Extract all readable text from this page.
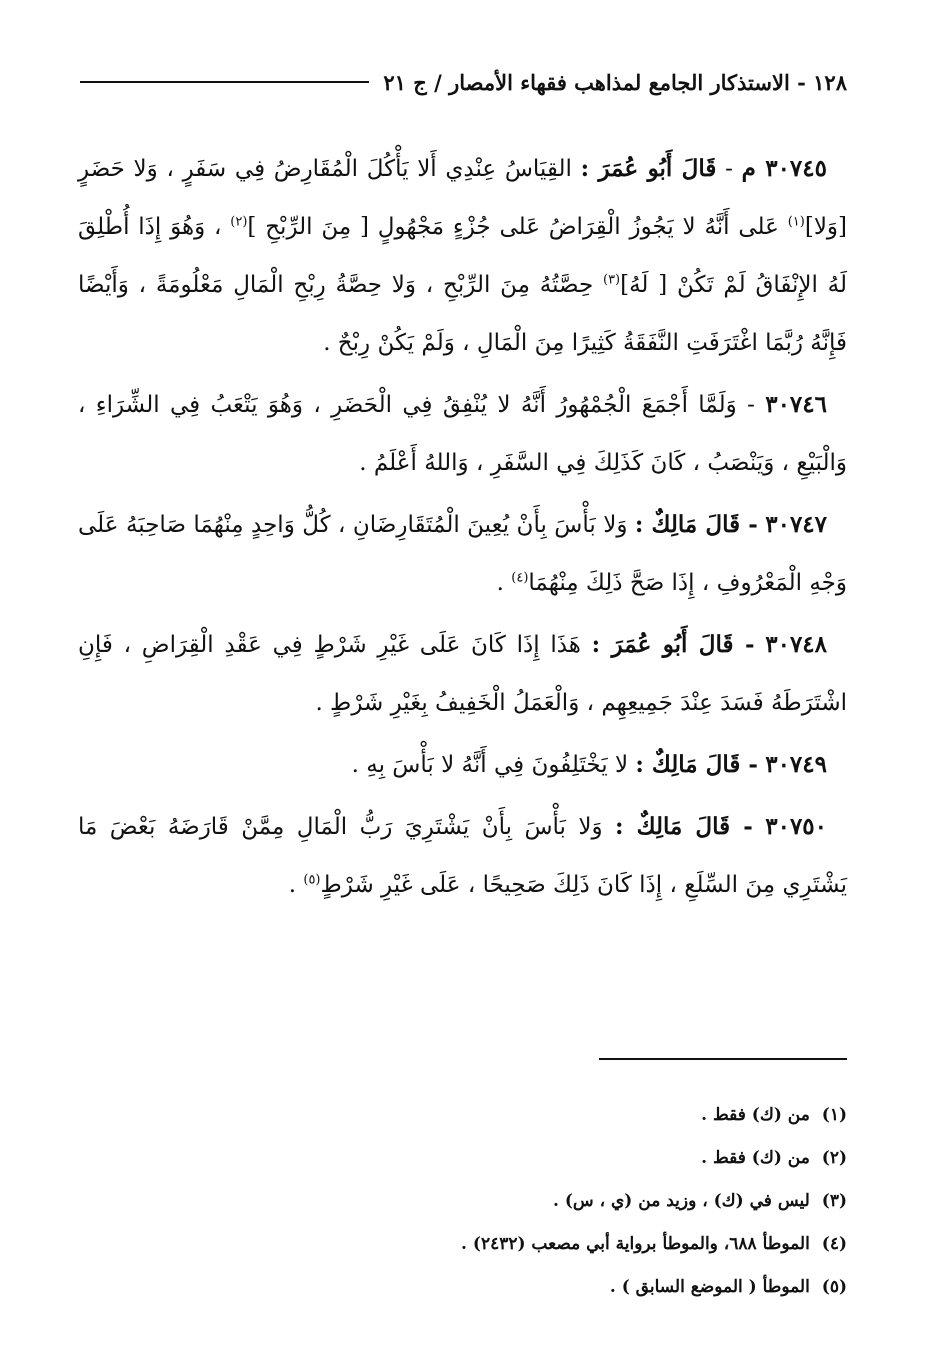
١٢٨ - الاستذكار الجامع لمذاهب فقهاء الأمصار / ج ٢١

٣٠٧٤٥ م - قَالَ أَبُو عُمَرَ : القِيَاسُ عِنْدِي أَلا يَأْكُلَ الْمُقَارِضُ فِي سَفَرٍ ، وَلا حَضَرٍ [وَلا]$^{(١)}$ عَلى أَنَّهُ لا يَجُوزُ الْقِرَاضُ عَلى جُزْءٍ مَجْهُولٍ [ مِنَ الرِّبْحِ ]$^{(٢)}$ ، وَهُوَ إِذَا أُطْلِقَ لَهُ الإِنْفَاقُ لَمْ تَكُنْ [ لَهُ]$^{(٣)}$ حِصَّتُهُ مِنَ الرِّبْحِ ، وَلا حِصَّةُ رِبْحِ الْمَالِ مَعْلُومَةً ، وَأَيْضًا فَإِنَّهُ رُبَّمَا اغْتَرَفَتِ النَّفَقَةُ كَثِيرًا مِنَ الْمَالِ ، وَلَمْ يَكُنْ رِبْحٌ .

٣٠٧٤٦ - وَلَمَّا أَجْمَعَ الْجُمْهُورُ أَنَّهُ لا يُنْفِقُ فِي الْحَضَرِ ، وَهُوَ يَتْعَبُ فِي الشِّرَاءِ ، وَالْبَيْعِ ، وَيَنْصَبُ ، كَانَ كَذَلِكَ فِي السَّفَرِ ، وَاللهُ أَعْلَمُ .

٣٠٧٤٧ - قَالَ مَالِكٌ : وَلا بَأْسَ بِأَنْ يُعِينَ الْمُتَقَارِضَانِ ، كُلُّ وَاحِدٍ مِنْهُمَا صَاحِبَهُ عَلَى وَجْهِ الْمَعْرُوفِ ، إِذَا صَحَّ ذَلِكَ مِنْهُمَا$^{(٤)}$ .

٣٠٧٤٨ - قَالَ أَبُو عُمَرَ : هَذَا إِذَا كَانَ عَلَى غَيْرِ شَرْطٍ فِي عَقْدِ الْقِرَاضِ ، فَإِنِ اشْتَرَطَهُ فَسَدَ عِنْدَ جَمِيعِهِم ، وَالْعَمَلُ الْخَفِيفُ بِغَيْرِ شَرْطٍ .

٣٠٧٤٩ - قَالَ مَالِكٌ : لا يَخْتَلِفُونَ فِي أَنَّهُ لا بَأْسَ بِهِ .

٣٠٧٥٠ - قَالَ مَالِكٌ : وَلا بَأْسَ بِأَنْ يَشْتَرِيَ رَبُّ الْمَالِ مِمَّنْ قَارَضَهُ بَعْضَ مَا يَشْتَرِي مِنَ السِّلَعِ ، إِذَا كَانَ ذَلِكَ صَحِيحًا ، عَلَى غَيْرِ شَرْطٍ$^{(٥)}$ .

(١) من (ك) فقط .

(٢) من (ك) فقط .

(٣) ليس في (ك) ، وزيد من (ي ، س) .

(٤) الموطأ ٦٨٨، والموطأ برواية أبي مصعب (٢٤٣٢) .

(٥) الموطأ ( الموضع السابق ) .
